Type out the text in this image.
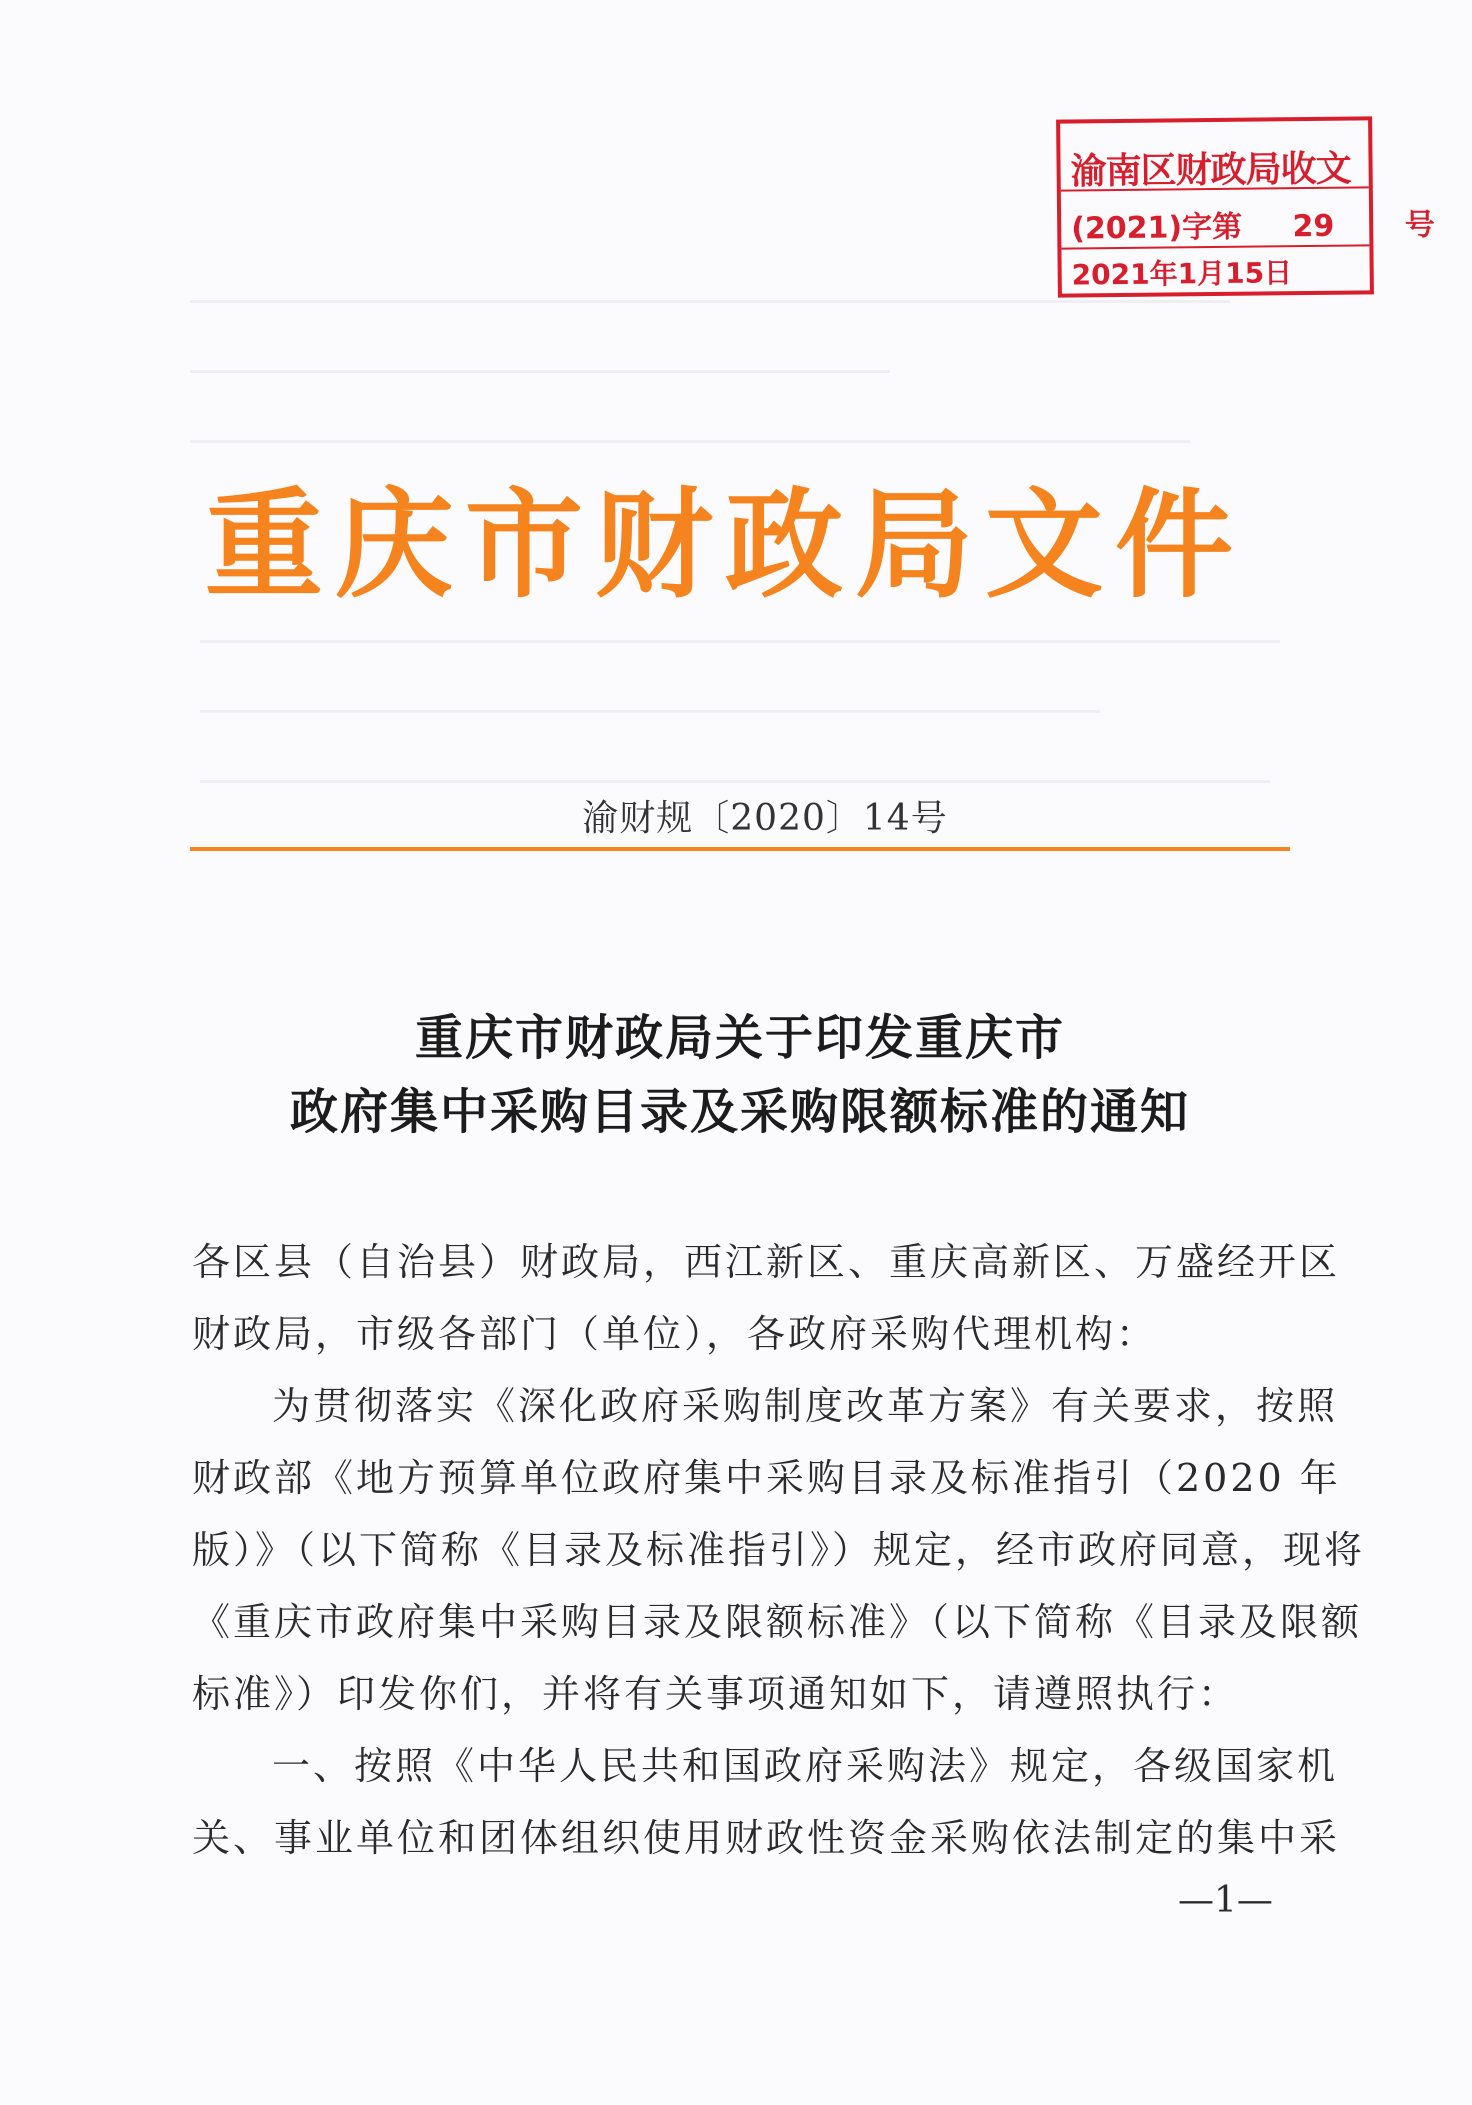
渝南区财政局收文
(2021)字第 29 号
2021年1月15日
重庆市财政局文件
渝财规〔2020〕14号
重庆市财政局关于印发重庆市
政府集中采购目录及采购限额标准的通知
各区县（自治县）财政局，西江新区、重庆高新区、万盛经开区
财政局，市级各部门（单位），各政府采购代理机构：
为贯彻落实《深化政府采购制度改革方案》有关要求，按照
财政部《地方预算单位政府集中采购目录及标准指引（2020 年
版）》（以下简称《目录及标准指引》）规定，经市政府同意，现将
《重庆市政府集中采购目录及限额标准》（以下简称《目录及限额
标准》）印发你们，并将有关事项通知如下，请遵照执行：
一、按照《中华人民共和国政府采购法》规定，各级国家机
关、事业单位和团体组织使用财政性资金采购依法制定的集中采
—1—
